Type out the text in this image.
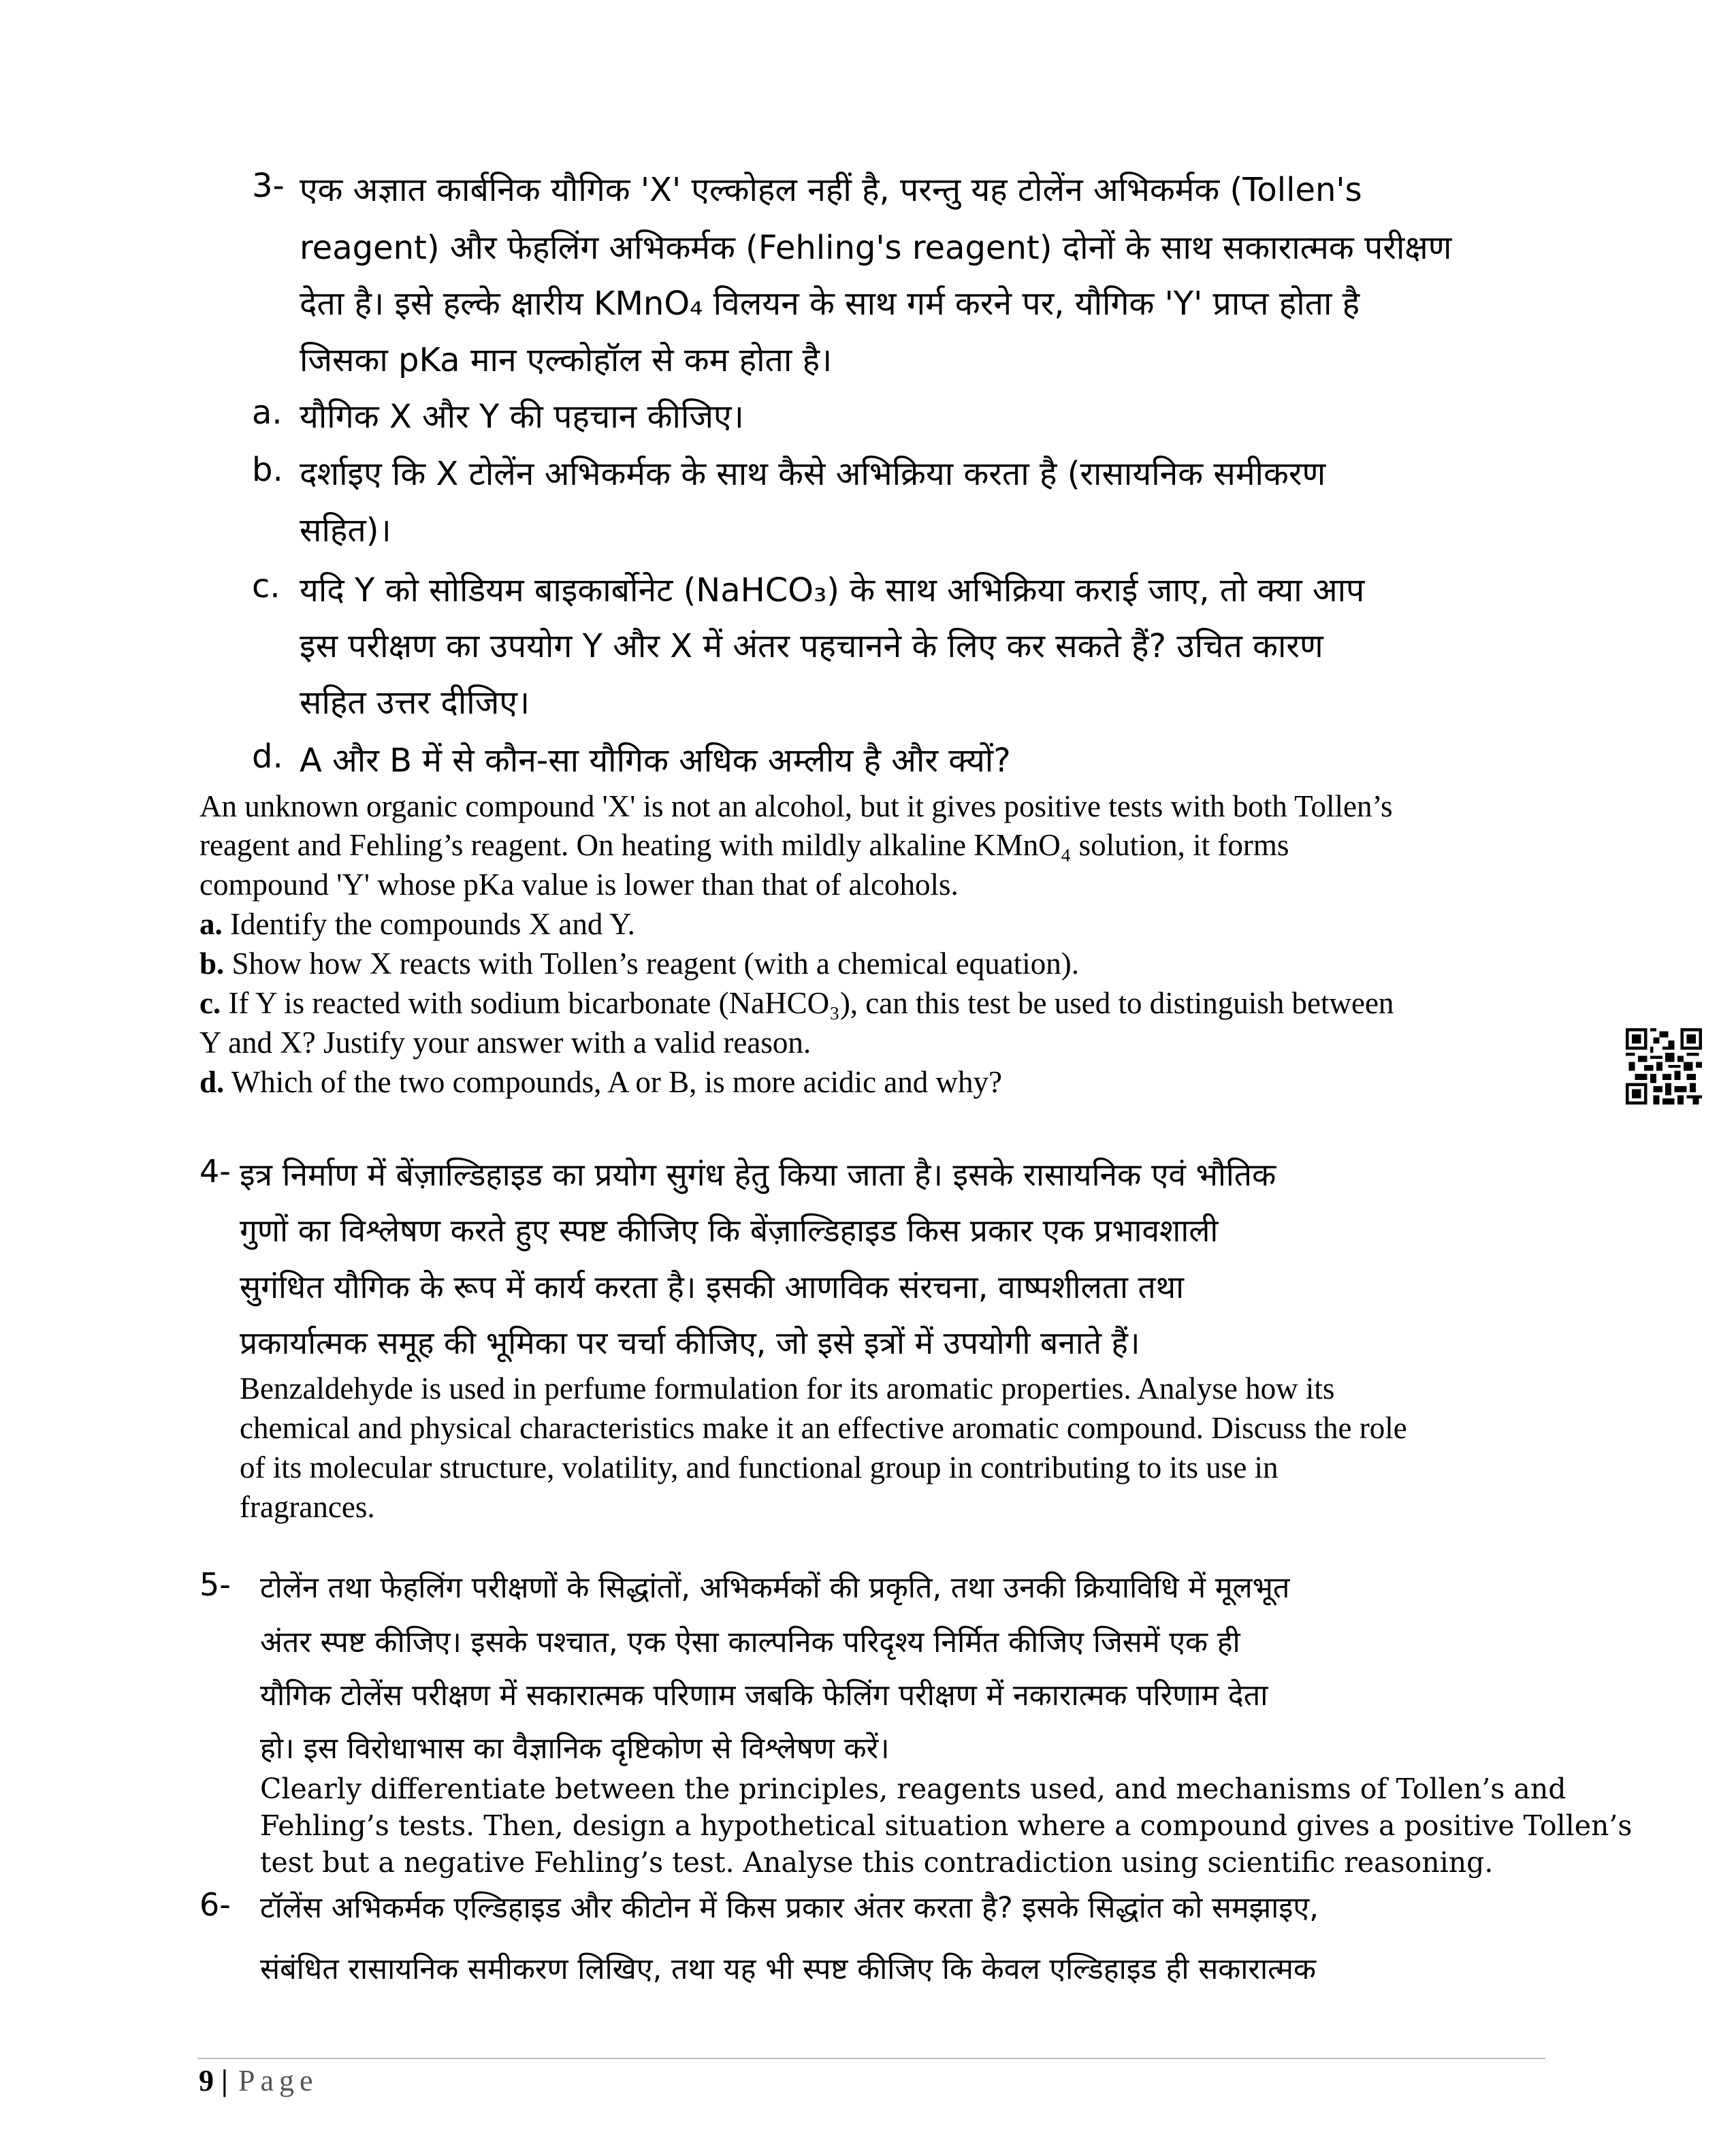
3- एक अज्ञात कार्बनिक यौगिक 'X' एल्कोहल नहीं है, परन्तु यह टोलेंन अभिकर्मक (Tollen's
reagent) और फेहलिंग अभिकर्मक (Fehling's reagent) दोनों के साथ सकारात्मक परीक्षण
देता है। इसे हल्के क्षारीय KMnO₄ विलयन के साथ गर्म करने पर, यौगिक 'Y' प्राप्त होता है
जिसका pKa मान एल्कोहॉल से कम होता है।
a. यौगिक X और Y की पहचान कीजिए।
b. दर्शाइए कि X टोलेंन अभिकर्मक के साथ कैसे अभिक्रिया करता है (रासायनिक समीकरण
सहित)।
c. यदि Y को सोडियम बाइकार्बोनेट (NaHCO₃) के साथ अभिक्रिया कराई जाए, तो क्या आप
इस परीक्षण का उपयोग Y और X में अंतर पहचानने के लिए कर सकते हैं? उचित कारण
सहित उत्तर दीजिए।
d. A और B में से कौन-सा यौगिक अधिक अम्लीय है और क्यों?
An unknown organic compound 'X' is not an alcohol, but it gives positive tests with both Tollen’s
reagent and Fehling’s reagent. On heating with mildly alkaline KMnO₄ solution, it forms
compound 'Y' whose pKa value is lower than that of alcohols.
a. Identify the compounds X and Y.
b. Show how X reacts with Tollen’s reagent (with a chemical equation).
c. If Y is reacted with sodium bicarbonate (NaHCO₃), can this test be used to distinguish between
Y and X? Justify your answer with a valid reason.
d. Which of the two compounds, A or B, is more acidic and why?
4- इत्र निर्माण में बेंज़ाल्डिहाइड का प्रयोग सुगंध हेतु किया जाता है। इसके रासायनिक एवं भौतिक
गुणों का विश्लेषण करते हुए स्पष्ट कीजिए कि बेंज़ाल्डिहाइड किस प्रकार एक प्रभावशाली
सुगंधित यौगिक के रूप में कार्य करता है। इसकी आणविक संरचना, वाष्पशीलता तथा
प्रकार्यात्मक समूह की भूमिका पर चर्चा कीजिए, जो इसे इत्रों में उपयोगी बनाते हैं।
Benzaldehyde is used in perfume formulation for its aromatic properties. Analyse how its
chemical and physical characteristics make it an effective aromatic compound. Discuss the role
of its molecular structure, volatility, and functional group in contributing to its use in
fragrances.
5- टोलेंन तथा फेहलिंग परीक्षणों के सिद्धांतों, अभिकर्मकों की प्रकृति, तथा उनकी क्रियाविधि में मूलभूत
अंतर स्पष्ट कीजिए। इसके पश्चात, एक ऐसा काल्पनिक परिदृश्य निर्मित कीजिए जिसमें एक ही
यौगिक टोलेंस परीक्षण में सकारात्मक परिणाम जबकि फेलिंग परीक्षण में नकारात्मक परिणाम देता
हो। इस विरोधाभास का वैज्ञानिक दृष्टिकोण से विश्लेषण करें।
Clearly differentiate between the principles, reagents used, and mechanisms of Tollen’s and
Fehling’s tests. Then, design a hypothetical situation where a compound gives a positive Tollen’s
test but a negative Fehling’s test. Analyse this contradiction using scientific reasoning.
6- टॉलेंस अभिकर्मक एल्डिहाइड और कीटोन में किस प्रकार अंतर करता है? इसके सिद्धांत को समझाइए,
संबंधित रासायनिक समीकरण लिखिए, तथा यह भी स्पष्ट कीजिए कि केवल एल्डिहाइड ही सकारात्मक
9 | Page
